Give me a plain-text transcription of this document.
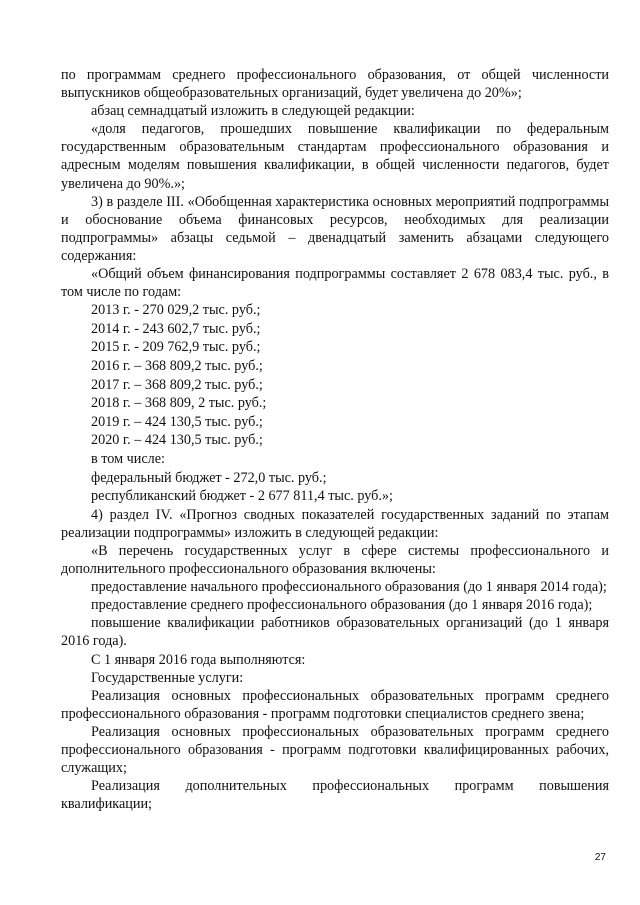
по программам среднего профессионального образования, от общей численности выпускников общеобразовательных организаций, будет увеличена до 20%»;

абзац семнадцатый изложить в следующей редакции:

«доля педагогов, прошедших повышение квалификации по федеральным государственным образовательным стандартам профессионального образования и адресным моделям повышения квалификации, в общей численности педагогов, будет увеличена до 90%.»;

3) в разделе III. «Обобщенная характеристика основных мероприятий подпрограммы и обоснование объема финансовых ресурсов, необходимых для реализации подпрограммы» абзацы седьмой – двенадцатый заменить абзацами следующего содержания:

«Общий объем финансирования подпрограммы составляет 2 678 083,4 тыс. руб., в том числе по годам:

2013 г. - 270 029,2 тыс. руб.;

2014 г. - 243 602,7 тыс. руб.;

2015 г. - 209 762,9 тыс. руб.;

2016 г. – 368 809,2 тыс. руб.;

2017 г. – 368 809,2 тыс. руб.;

2018 г. – 368 809, 2 тыс. руб.;

2019 г. – 424 130,5 тыс. руб.;

2020 г. – 424 130,5 тыс. руб.;

в том числе:

федеральный бюджет - 272,0 тыс. руб.;

республиканский бюджет - 2 677 811,4 тыс. руб.»;

4) раздел IV. «Прогноз сводных показателей государственных заданий по этапам реализации подпрограммы» изложить в следующей редакции:

«В перечень государственных услуг в сфере системы профессионального и дополнительного профессионального образования включены:

предоставление начального профессионального образования (до 1 января 2014 года);

предоставление среднего профессионального образования (до 1 января 2016 года);

повышение квалификации работников образовательных организаций (до 1 января 2016 года).

С 1 января 2016 года выполняются:

Государственные услуги:

Реализация основных профессиональных образовательных программ среднего профессионального образования - программ подготовки специалистов среднего звена;

Реализация основных профессиональных образовательных программ среднего профессионального образования - программ подготовки квалифицированных рабочих, служащих;

Реализация дополнительных профессиональных программ повышения квалификации;

27
